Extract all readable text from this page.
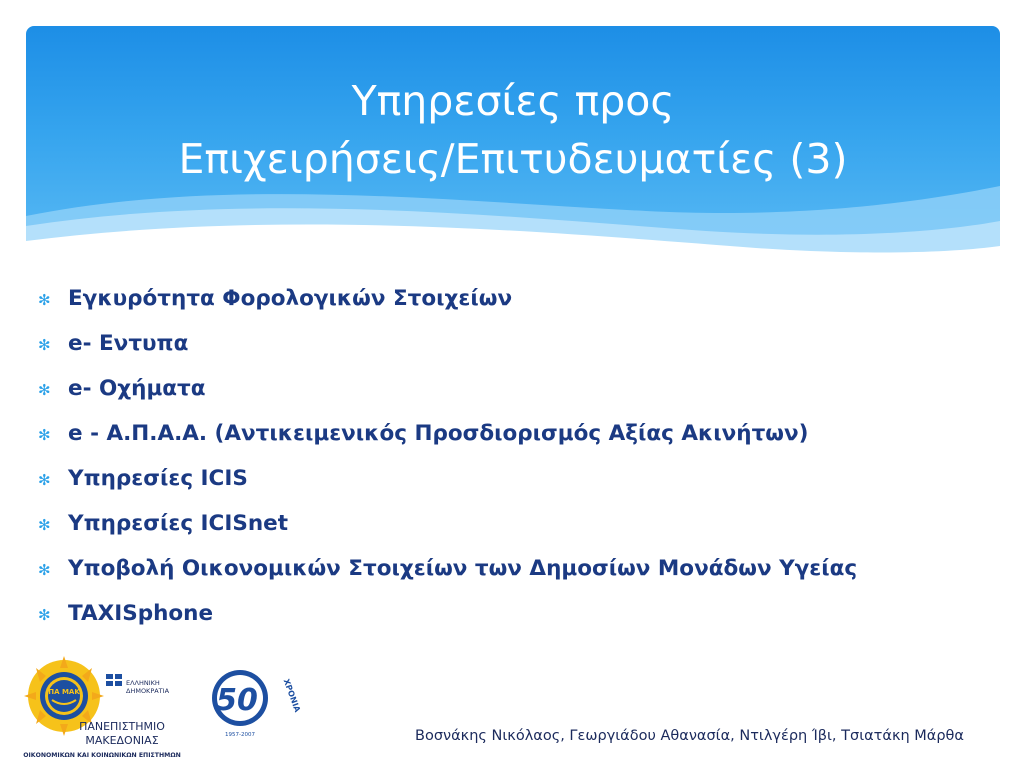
Υπηρεσίες προς
Επιχειρήσεις/Επιτυδευματίες (3)
✻ Εγκυρότητα Φορολογικών Στοιχείων
✻ e- Εντυπα
✻ e- Οχήματα
✻ e - Α.Π.Α.Α. (Αντικειμενικός Προσδιορισμός Αξίας Ακινήτων)
✻ Υπηρεσίες ICIS
✻ Υπηρεσίες ICISnet
✻ Υποβολή Οικονομικών Στοιχείων των Δημοσίων Μονάδων Υγείας
✻ TAXISphone
ΠΑ ΜΑΚ
ΕΛΛΗΝΙΚΗ
ΔΗΜΟΚΡΑΤΙΑ
ΠΑΝΕΠΙΣΤΗΜΙΟ
ΜΑΚΕΔΟΝΙΑΣ
ΟΙΚΟΝΟΜΙΚΩΝ ΚΑΙ ΚΟΙΝΩΝΙΚΩΝ ΕΠΙΣΤΗΜΩΝ
50	ΧΡΟΝΙΑ
1957-2007	Βοσνάκης Νικόλαος, Γεωργιάδου Αθανασία, Ντιλγέρη Ίβι, Τσιατάκη Μάρθα
